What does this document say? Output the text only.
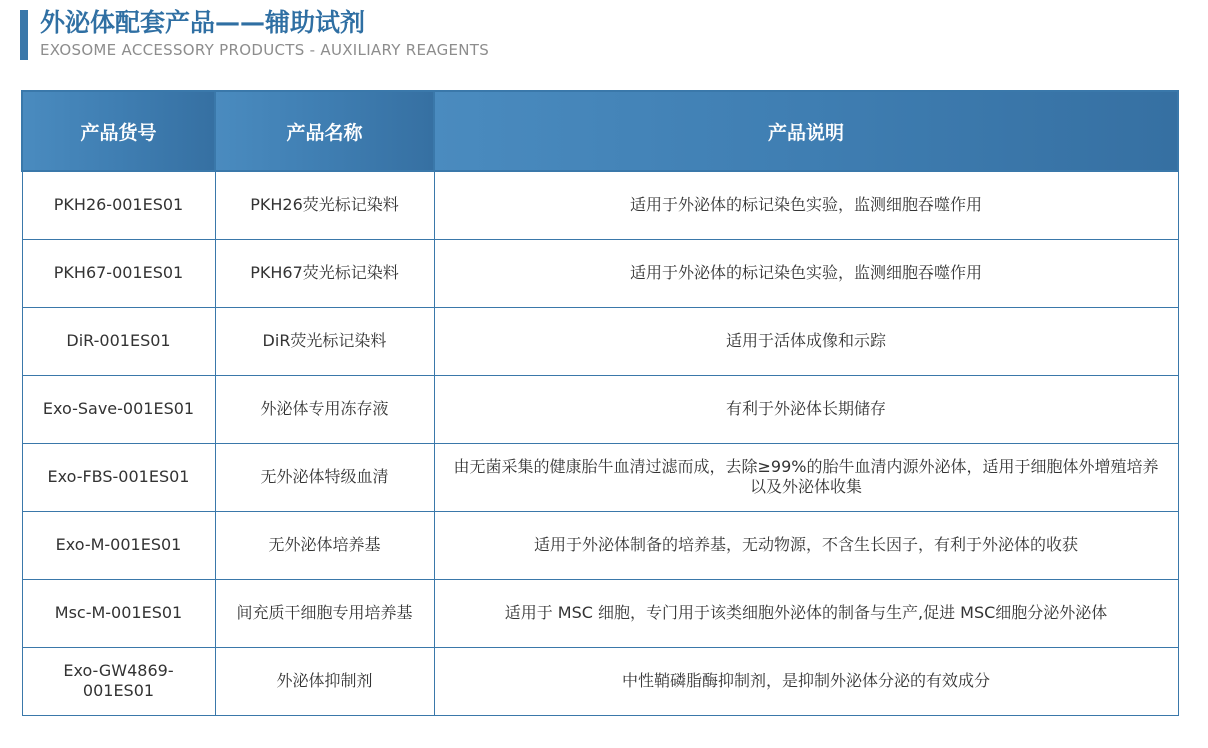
外泌体配套产品——辅助试剂
EXOSOME ACCESSORY PRODUCTS - AUXILIARY REAGENTS
产品货号	产品名称	产品说明
PKH26-001ES01	PKH26荧光标记染料	适用于外泌体的标记染色实验，监测细胞吞噬作用
PKH67-001ES01	PKH67荧光标记染料	适用于外泌体的标记染色实验，监测细胞吞噬作用
DiR-001ES01	DiR荧光标记染料	适用于活体成像和示踪
Exo-Save-001ES01	外泌体专用冻存液	有利于外泌体长期储存
Exo-FBS-001ES01	无外泌体特级血清	由无菌采集的健康胎牛血清过滤而成，去除≥99%的胎牛血清内源外泌体，适用于细胞体外增殖培养以及外泌体收集
Exo-M-001ES01	无外泌体培养基	适用于外泌体制备的培养基，无动物源，不含生长因子，有利于外泌体的收获
Msc-M-001ES01	间充质干细胞专用培养基	适用于 MSC 细胞，专门用于该类细胞外泌体的制备与生产,促进 MSC细胞分泌外泌体
Exo-GW4869-001ES01	外泌体抑制剂	中性鞘磷脂酶抑制剂，是抑制外泌体分泌的有效成分
